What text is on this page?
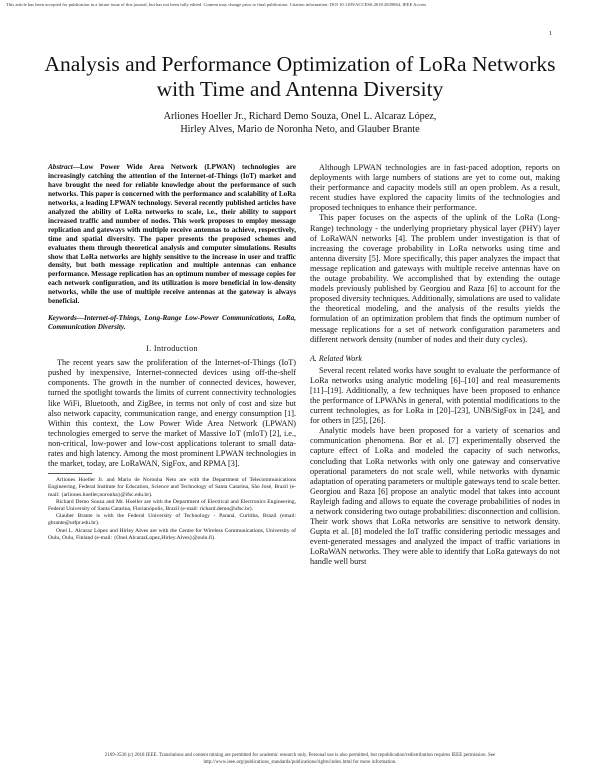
This article has been accepted for publication in a future issue of this journal, but has not been fully edited. Content may change prior to final publication. Citation information: DOI 10.1109/ACCESS.2018.2839864, IEEE Access
1
Analysis and Performance Optimization of LoRa Networks with Time and Antenna Diversity
Arliones Hoeller Jr., Richard Demo Souza, Onel L. Alcaraz López,
Hirley Alves, Mario de Noronha Neto, and Glauber Brante

Abstract—Low Power Wide Area Network (LPWAN) technologies are increasingly catching the attention of the Internet-of-Things (IoT) market and have brought the need for reliable knowledge about the performance of such networks. This paper is concerned with the performance and scalability of LoRa networks, a leading LPWAN technology. Several recently published articles have analyzed the ability of LoRa networks to scale, i.e., their ability to support increased traffic and number of nodes. This work proposes to employ message replication and gateways with multiple receive antennas to achieve, respectively, time and spatial diversity. The paper presents the proposed schemes and evaluates them through theoretical analysis and computer simulations. Results show that LoRa networks are highly sensitive to the increase in user and traffic density, but both message replication and multiple antennas can enhance performance. Message replication has an optimum number of message copies for each network configuration, and its utilization is more beneficial in low-density networks, while the use of multiple receive antennas at the gateway is always beneficial.

Keywords—Internet-of-Things, Long-Range Low-Power Communications, LoRa, Communication Diversity.

I. Introduction

The recent years saw the proliferation of the Internet-of-Things (IoT) pushed by inexpensive, Internet-connected devices using off-the-shelf components. The growth in the number of connected devices, however, turned the spotlight towards the limits of current connectivity technologies like WiFi, Bluetooth, and ZigBee, in terms not only of cost and size but also network capacity, communication range, and energy consumption [1]. Within this context, the Low Power Wide Area Network (LPWAN) technologies emerged to serve the market of Massive IoT (mIoT) [2], i.e., non-critical, low-power and low-cost applications tolerant to small data-rates and high latency. Among the most prominent LPWAN technologies in the market, today, are LoRaWAN, SigFox, and RPMA [3].

Arliones Hoeller Jr. and Mario de Noronha Neto are with the Department of Telecommunications Engineering, Federal Institute for Education, Science and Technology of Santa Catarina, São José, Brazil (e-mail: {arliones.hoeller,noronha}@ifsc.edu.br).

Richard Demo Souza and Mr. Hoeller are with the Department of Electrical and Electronics Engineering, Federal University of Santa Catarina, Florianópolis, Brazil (e-mail: richard.demo@ufsc.br).

Glauber Brante is with the Federal University of Technology - Paraná, Curitiba, Brazil (email: gbrante@utfpr.edu.br).

Onel L. Alcaraz López and Hirley Alves are with the Centre for Wireless Communications, University of Oulu, Oulu, Finland (e-mail: {Onel.AlcarazLopez,Hirley.Alves}@oulu.fi).

Although LPWAN technologies are in fast-paced adoption, reports on deployments with large numbers of stations are yet to come out, making their performance and capacity models still an open problem. As a result, recent studies have explored the capacity limits of the technologies and proposed techniques to enhance their performance.

This paper focuses on the aspects of the uplink of the LoRa (Long-Range) technology - the underlying proprietary physical layer (PHY) layer of LoRaWAN networks [4]. The problem under investigation is that of increasing the coverage probability in LoRa networks using time and antenna diversity [5]. More specifically, this paper analyzes the impact that message replication and gateways with multiple receive antennas have on the outage probability. We accomplished that by extending the outage models previously published by Georgiou and Raza [6] to account for the proposed diversity techniques. Additionally, simulations are used to validate the theoretical modeling, and the analysis of the results yields the formulation of an optimization problem that finds the optimum number of message replications for a set of network configuration parameters and different network density (number of nodes and their duty cycles).

A. Related Work

Several recent related works have sought to evaluate the performance of LoRa networks using analytic modeling [6]–[10] and real measurements [11]–[19]. Additionally, a few techniques have been proposed to enhance the performance of LPWANs in general, with potential modifications to the current technologies, as for LoRa in [20]–[23], UNB/SigFox in [24], and for others in [25], [26].

Analytic models have been proposed for a variety of scenarios and communication phenomena. Bor et al. [7] experimentally observed the capture effect of LoRa and modeled the capacity of such networks, concluding that LoRa networks with only one gateway and conservative operational parameters do not scale well, while networks with dynamic adaptation of operating parameters or multiple gateways tend to scale better. Georgiou and Raza [6] propose an analytic model that takes into account Rayleigh fading and allows to equate the coverage probabilities of nodes in a network considering two outage probabilities: disconnection and collision. Their work shows that LoRa networks are sensitive to network density. Gupta et al. [8] modeled the IoT traffic considering periodic messages and event-generated messages and analyzed the impact of traffic variations in LoRaWAN networks. They were able to identify that LoRa gateways do not handle well burst

2169-3536 (c) 2018 IEEE. Translations and content mining are permitted for academic research only. Personal use is also permitted, but republication/redistribution requires IEEE permission. See
http://www.ieee.org/publications_standards/publications/rights/index.html for more information.
